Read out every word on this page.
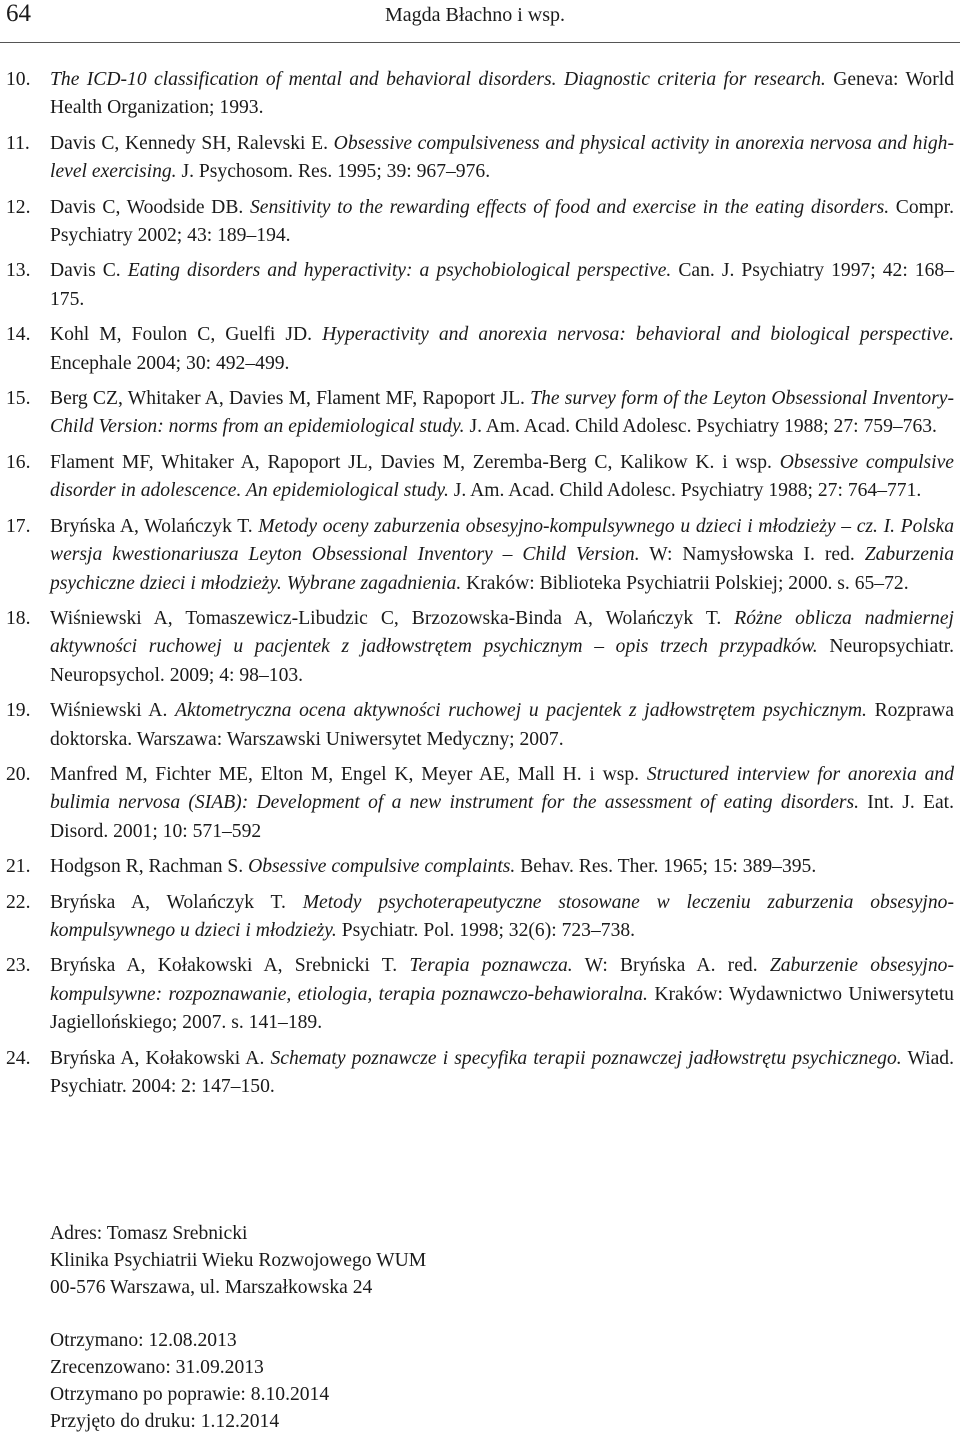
64	Magda Błachno i wsp.
10. The ICD-10 classification of mental and behavioral disorders. Diagnostic criteria for research. Geneva: World Health Organization; 1993.
11. Davis C, Kennedy SH, Ralevski E. Obsessive compulsiveness and physical activity in anorexia nervosa and high-level exercising. J. Psychosom. Res. 1995; 39: 967–976.
12. Davis C, Woodside DB. Sensitivity to the rewarding effects of food and exercise in the eating disorders. Compr. Psychiatry 2002; 43: 189–194.
13. Davis C. Eating disorders and hyperactivity: a psychobiological perspective. Can. J. Psychiatry 1997; 42: 168–175.
14. Kohl M, Foulon C, Guelfi JD. Hyperactivity and anorexia nervosa: behavioral and biological perspective. Encephale 2004; 30: 492–499.
15. Berg CZ, Whitaker A, Davies M, Flament MF, Rapoport JL. The survey form of the Leyton Obsessional Inventory-Child Version: norms from an epidemiological study. J. Am. Acad. Child Adolesc. Psychiatry 1988; 27: 759–763.
16. Flament MF, Whitaker A, Rapoport JL, Davies M, Zeremba-Berg C, Kalikow K. i wsp. Obsessive compulsive disorder in adolescence. An epidemiological study. J. Am. Acad. Child Adolesc. Psychiatry 1988; 27: 764–771.
17. Bryńska A, Wolańczyk T. Metody oceny zaburzenia obsesyjno-kompulsywnego u dzieci i młodzieży – cz. I. Polska wersja kwestionariusza Leyton Obsessional Inventory – Child Version. W: Namysłowska I. red. Zaburzenia psychiczne dzieci i młodzieży. Wybrane zagadnienia. Kraków: Biblioteka Psychiatrii Polskiej; 2000. s. 65–72.
18. Wiśniewski A, Tomaszewicz-Libudzic C, Brzozowska-Binda A, Wolańczyk T. Różne oblicza nadmiernej aktywności ruchowej u pacjentek z jadłowstrętem psychicznym – opis trzech przypadków. Neuropsychiatr. Neuropsychol. 2009; 4: 98–103.
19. Wiśniewski A. Aktometryczna ocena aktywności ruchowej u pacjentek z jadłowstrętem psychicznym. Rozprawa doktorska. Warszawa: Warszawski Uniwersytet Medyczny; 2007.
20. Manfred M, Fichter ME, Elton M, Engel K, Meyer AE, Mall H. i wsp. Structured interview for anorexia and bulimia nervosa (SIAB): Development of a new instrument for the assessment of eating disorders. Int. J. Eat. Disord. 2001; 10: 571–592
21. Hodgson R, Rachman S. Obsessive compulsive complaints. Behav. Res. Ther. 1965; 15: 389–395.
22. Bryńska A, Wolańczyk T. Metody psychoterapeutyczne stosowane w leczeniu zaburzenia obsesyjno-kompulsywnego u dzieci i młodzieży. Psychiatr. Pol. 1998; 32(6): 723–738.
23. Bryńska A, Kołakowski A, Srebnicki T. Terapia poznawcza. W: Bryńska A. red. Zaburzenie obsesyjno-kompulsywne: rozpoznawanie, etiologia, terapia poznawczo-behawioralna. Kraków: Wydawnictwo Uniwersytetu Jagiellońskiego; 2007. s. 141–189.
24. Bryńska A, Kołakowski A. Schematy poznawcze i specyfika terapii poznawczej jadłowstrętu psychicznego. Wiad. Psychiatr. 2004: 2: 147–150.
Adres: Tomasz Srebnicki
Klinika Psychiatrii Wieku Rozwojowego WUM
00-576 Warszawa, ul. Marszałkowska 24
Otrzymano: 12.08.2013
Zrecenzowano: 31.09.2013
Otrzymano po poprawie: 8.10.2014
Przyjęto do druku: 1.12.2014
